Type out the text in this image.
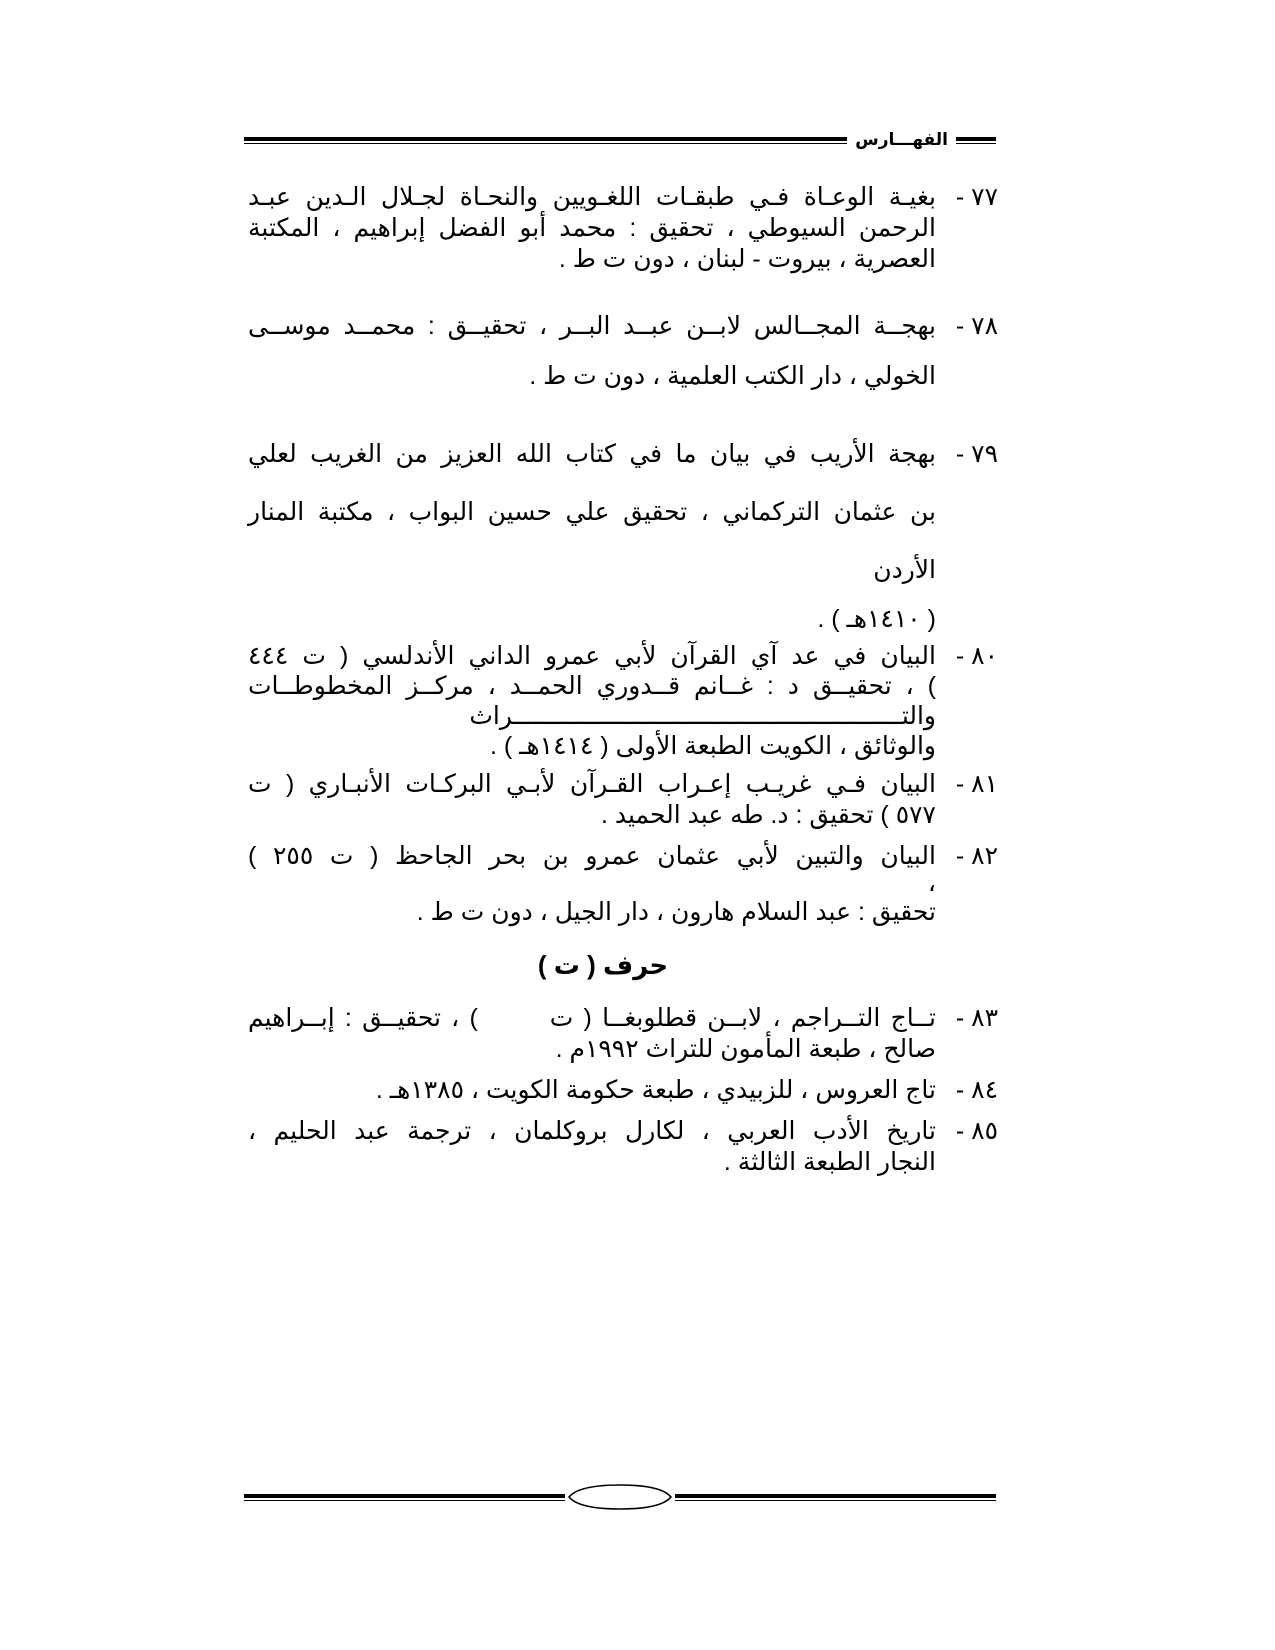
الفهـــارس
٧٧ -
بغيـة الوعـاة فـي طبقـات اللغـويين والنحـاة لجـلال الـدين عبـد
الرحمن السيوطي ، تحقيق : محمد أبو الفضل إبراهيم ، المكتبة
العصرية ، بيروت - لبنان ، دون ت ط .
٧٨ -
بهجــة المجــالس لابــن عبــد البــر ، تحقيــق : محمــد موســى
الخولي ، دار الكتب العلمية ، دون ت ط .
٧٩ -
بهجة الأريب في بيان ما في كتاب الله العزيز من الغريب لعلي
بن عثمان التركماني ، تحقيق علي حسين البواب ، مكتبة المنار
الأردن
( ١٤١٠هـ ) .
٨٠ -
البيان في عد آي القرآن لأبي عمرو الداني الأندلسي ( ت ٤٤٤
) ، تحقيــق د : غــانم قــدوري الحمــد ، مركــز المخطوطــات
والتـــــــــــــــــــــــــــــــــــــــــــــــــــــراث
والوثائق ، الكويت الطبعة الأولى ( ١٤١٤هـ ) .
٨١ -
البيان فـي غريـب إعـراب القـرآن لأبـي البركـات الأنبـاري ( ت
٥٧٧ ) تحقيق : د. طه عبد الحميد .
٨٢ -
البيان والتبين لأبي عثمان عمرو بن بحر الجاحظ ( ت ٢٥٥ )
،
تحقيق : عبد السلام هارون ، دار الجيل ، دون ت ط .
حرف ( ت )
٨٣ -
تــاج التــراجم ، لابــن قطلوبغــا ( ت       ) ، تحقيــق : إبــراهيم
صالح ، طبعة المأمون للتراث ١٩٩٢م .
٨٤ -
تاج العروس ، للزبيدي ، طبعة حكومة الكويت ، ١٣٨٥هـ .
٨٥ -
تاريخ الأدب العربي ، لكارل بروكلمان ، ترجمة عبد الحليم ،
النجار الطبعة الثالثة .
